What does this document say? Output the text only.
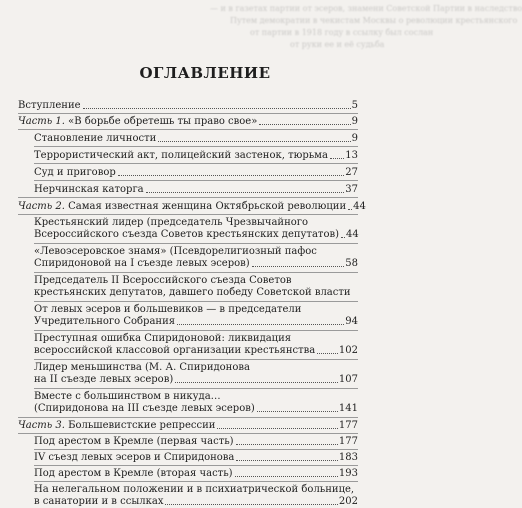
— и в газетах партии от эсеров, знамени Советской Партии в наследство
Путем демократии в чекистам Москвы о революции крестьянского
от партии в 1918 году в ссылку был сослан
от руки ее и её судьба
ОГЛАВЛЕНИЕ
Вступление	5
Часть 1. «В борьбе обретешь ты право свое»	9
Становление личности	9
Террористический акт, полицейский застенок, тюрьма 13
Суд и приговор	27
Нерчинская каторга	37
Часть 2. Самая известная женщина Октябрьской революции 44
Крестьянский лидер (председатель Чрезвычайного
Всероссийского съезда Советов крестьянских депутатов) 44
«Левоэсеровское знамя» (Псевдорелигиозный пафос
Спиридоновой на I съезде левых эсеров)	58
Председатель II Всероссийского съезда Советов
крестьянских депутатов, давшего победу Советской власти
От левых эсеров и большевиков — в председатели
Учредительного Собрания	94
Преступная ошибка Спиридоновой: ликвидация
всероссийской классовой организации крестьянства 102
Лидер меньшинства (М. А. Спиридонова
на II съезде левых эсеров)	107
Вместе с большинством в никуда…
(Спиридонова на III съезде левых эсеров)	141
Часть 3. Большевистские репрессии	177
Под арестом в Кремле (первая часть)	177
IV съезд левых эсеров и Спиридонова	183
Под арестом в Кремле (вторая часть)	193
На нелегальном положении и в психиатрической больнице,
в санатории и в ссылках	202
